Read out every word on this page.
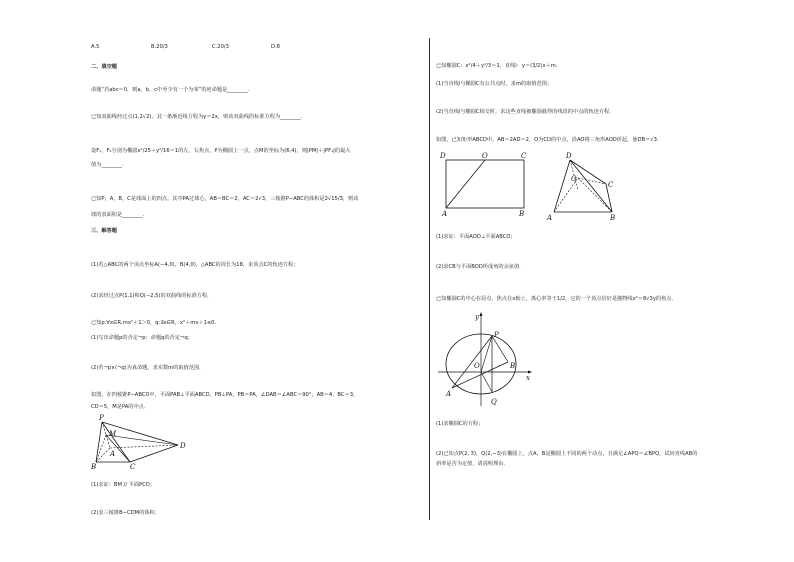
A.5	B.20/3	C.20/3	D.8
二、填空题
命题“若abc＝0，则a，b，c中至少有一个为零”的逆命题是________.
已知双曲线经过点(1,2√2)，其一条渐近线方程为y＝2x，则该双曲线的标准方程为________.
设F₁，F₂分别为椭圆x²/25＋y²/16＝1的左，右焦点，P为椭圆上一点，点M的坐标为(6,4)，则|PM|＋|PF₁|的最大
值为________.
已知P，A，B，C是球面上的四点，其中PA过球心，AB＝BC＝2，AC＝2√3，三棱锥P−ABC的体积是2√15/3，则该
球的表面积是________.
三、解答题
(1)若△ABC的两个顶点坐标A(−4,0)，B(4,0)，△ABC的周长为18，求顶点C的轨迹方程；
(2)求经过点P(1,1)和Q(−2,5)的双曲线的标准方程．
已知p:∀x∈R,mx²＋1＞0，q:∃x∈R，x²＋mx＋1≤0.
(1)写出命题p的否定¬p；命题q的否定¬q；
(2)若¬p∨(¬q)为真命题，求实数m的取值范围．
如图，在四棱锥P−ABCD中，平面PAB⊥平面ABCD，PB⊥PA，PB＝PA，∠DAB＝∠ABC＝90°，AB＝4，BC＝3，
CD＝5，M是PA的中点．
P
M
A
D
B	C
(1)求证：BM // 平面PCD；
(2)求三棱锥B−CDM的体积．
已知椭圆C：x²/4＋y²/3＝1，直线l：y＝(3/2)x＋m.
(1)当直线l与椭圆C有公共点时，求m的取值范围；
(2)当直线l与椭圆C相交时，求这些直线被椭圆截得的线段的中点的轨迹方程．
如图，已知矩形ABCD中，AB＝2AD＝2，O为CD的中点，沿AO将三角形AOD折起，使DB＝√3.
D	O	C
A	B
D
O
C
A	B
(1)求证：平面AOD⊥平面ABCO；
(2)求CB与平面BOD所成角的余弦值．
已知椭圆C的中心在原点，焦点在x轴上，离心率等于1/2，它的一个顶点恰好是抛物线x²＝8√3y的焦点．
y
P
O	B
x
A
Q
(1)求椭圆C的方程；
(2)已知点P(2, 3)，Q(2,−3)在椭圆上，点A，B是椭圆上不同的两个动点，且满足∠APQ＝∠BPQ，试问直线AB的
斜率是否为定值，请说明理由．
